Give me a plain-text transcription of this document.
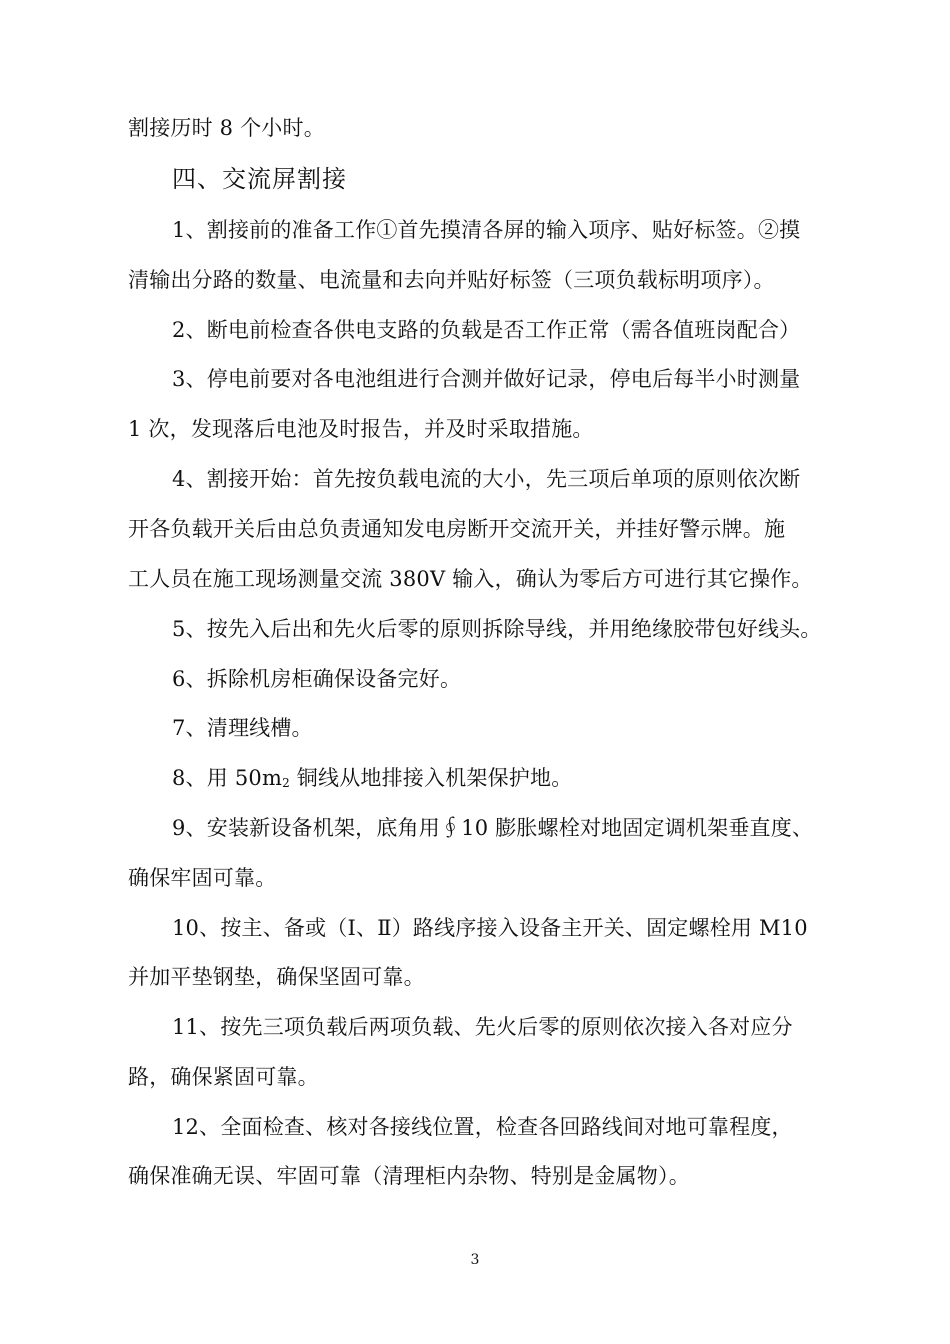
割接历时 8 个小时。
四、交流屏割接
1、割接前的准备工作①首先摸清各屏的输入项序、贴好标签。②摸
清输出分路的数量、电流量和去向并贴好标签（三项负载标明项序）。
2、断电前检查各供电支路的负载是否工作正常（需各值班岗配合）
3、停电前要对各电池组进行合测并做好记录，停电后每半小时测量
1 次，发现落后电池及时报告，并及时采取措施。
4、割接开始：首先按负载电流的大小，先三项后单项的原则依次断
开各负载开关后由总负责通知发电房断开交流开关，并挂好警示牌。施
工人员在施工现场测量交流 380V 输入，确认为零后方可进行其它操作。
5、按先入后出和先火后零的原则拆除导线，并用绝缘胶带包好线头。
6、拆除机房柜确保设备完好。
7、清理线槽。
8、用 50m2 铜线从地排接入机架保护地。
9、安装新设备机架，底角用∮10 膨胀螺栓对地固定调机架垂直度、
确保牢固可靠。
10、按主、备或（Ⅰ、Ⅱ）路线序接入设备主开关、固定螺栓用 M10
并加平垫钢垫，确保坚固可靠。
11、按先三项负载后两项负载、先火后零的原则依次接入各对应分
路，确保紧固可靠。
12、全面检查、核对各接线位置，检查各回路线间对地可靠程度，
确保准确无误、牢固可靠（清理柜内杂物、特别是金属物）。
3
